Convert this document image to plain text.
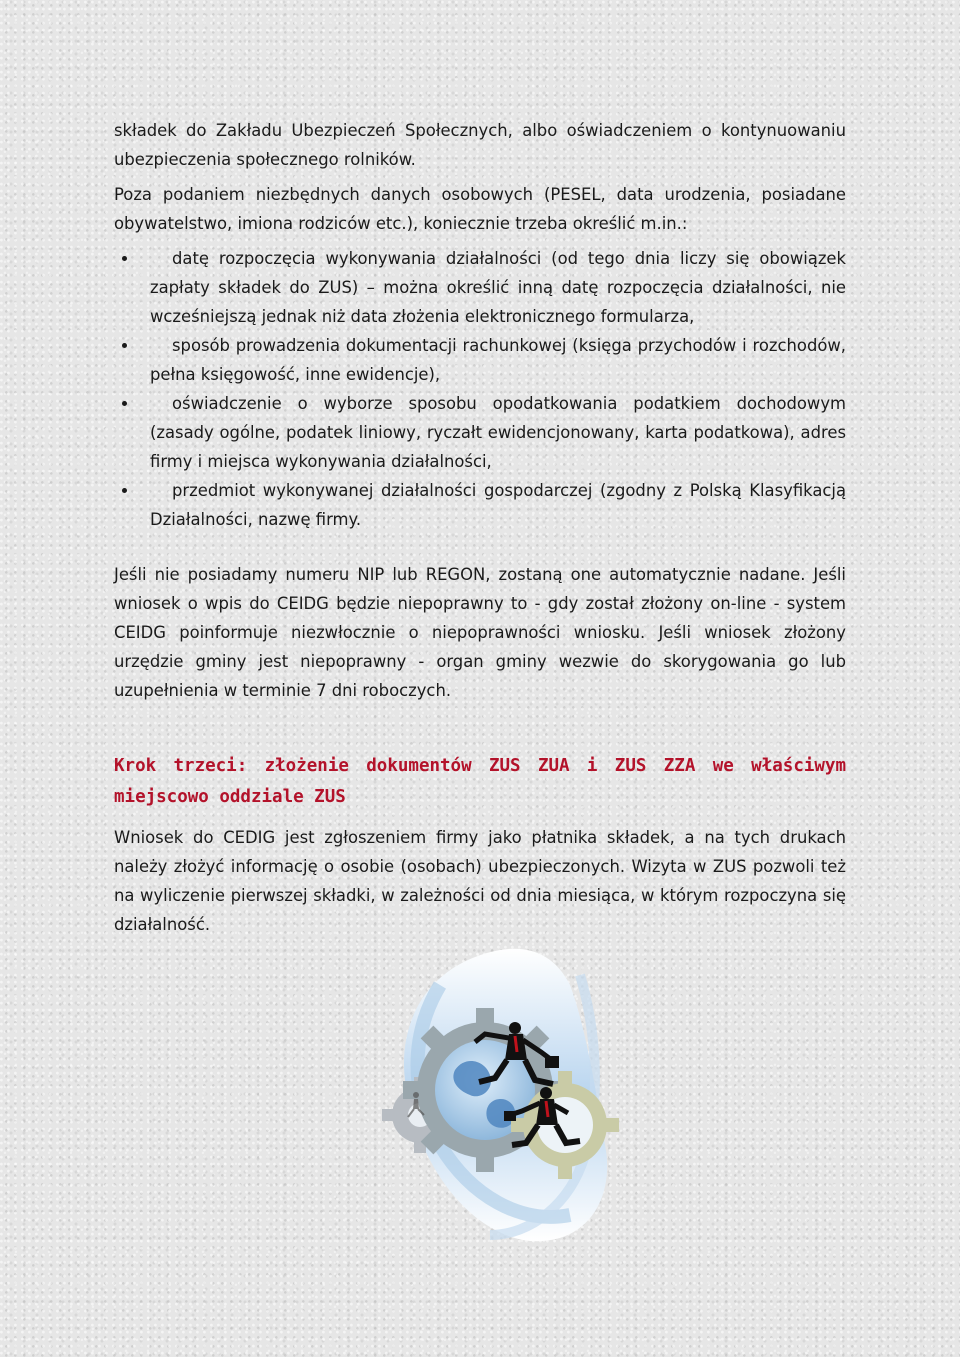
składek do Zakładu Ubezpieczeń Społecznych, albo oświadczeniem o kontynuowaniu ubezpieczenia społecznego rolników.

Poza podaniem niezbędnych danych osobowych (PESEL, data urodzenia, posiadane obywatelstwo, imiona rodziców etc.), koniecznie trzeba określić m.in.:

datę rozpoczęcia wykonywania działalności (od tego dnia liczy się obowiązek zapłaty składek do ZUS) – można określić inną datę rozpoczęcia działalności, nie wcześniejszą jednak niż data złożenia elektronicznego formularza,
sposób prowadzenia dokumentacji rachunkowej (księga przychodów i rozchodów, pełna księgowość, inne ewidencje),
oświadczenie o wyborze sposobu opodatkowania podatkiem dochodowym (zasady ogólne, podatek liniowy, ryczałt ewidencjonowany, karta podatkowa), adres firmy i miejsca wykonywania działalności,
przedmiot wykonywanej działalności gospodarczej (zgodny z Polską Klasyfikacją Działalności, nazwę firmy.

Jeśli nie posiadamy numeru NIP lub REGON, zostaną one automatycznie nadane. Jeśli wniosek o wpis do CEIDG będzie niepoprawny to - gdy został złożony on-line - system CEIDG poinformuje niezwłocznie o niepoprawności wniosku. Jeśli wniosek złożony urzędzie gminy jest niepoprawny - organ gminy wezwie do skorygowania go lub uzupełnienia w terminie 7 dni roboczych.

Krok trzeci: złożenie dokumentów ZUS ZUA i ZUS ZZA we właściwym miejscowo oddziale ZUS

Wniosek do CEDIG jest zgłoszeniem firmy jako płatnika składek, a na tych drukach należy złożyć informację o osobie (osobach) ubezpieczonych. Wizyta w ZUS pozwoli też na wyliczenie pierwszej składki, w zależności od dnia miesiąca, w którym rozpoczyna się działalność.
